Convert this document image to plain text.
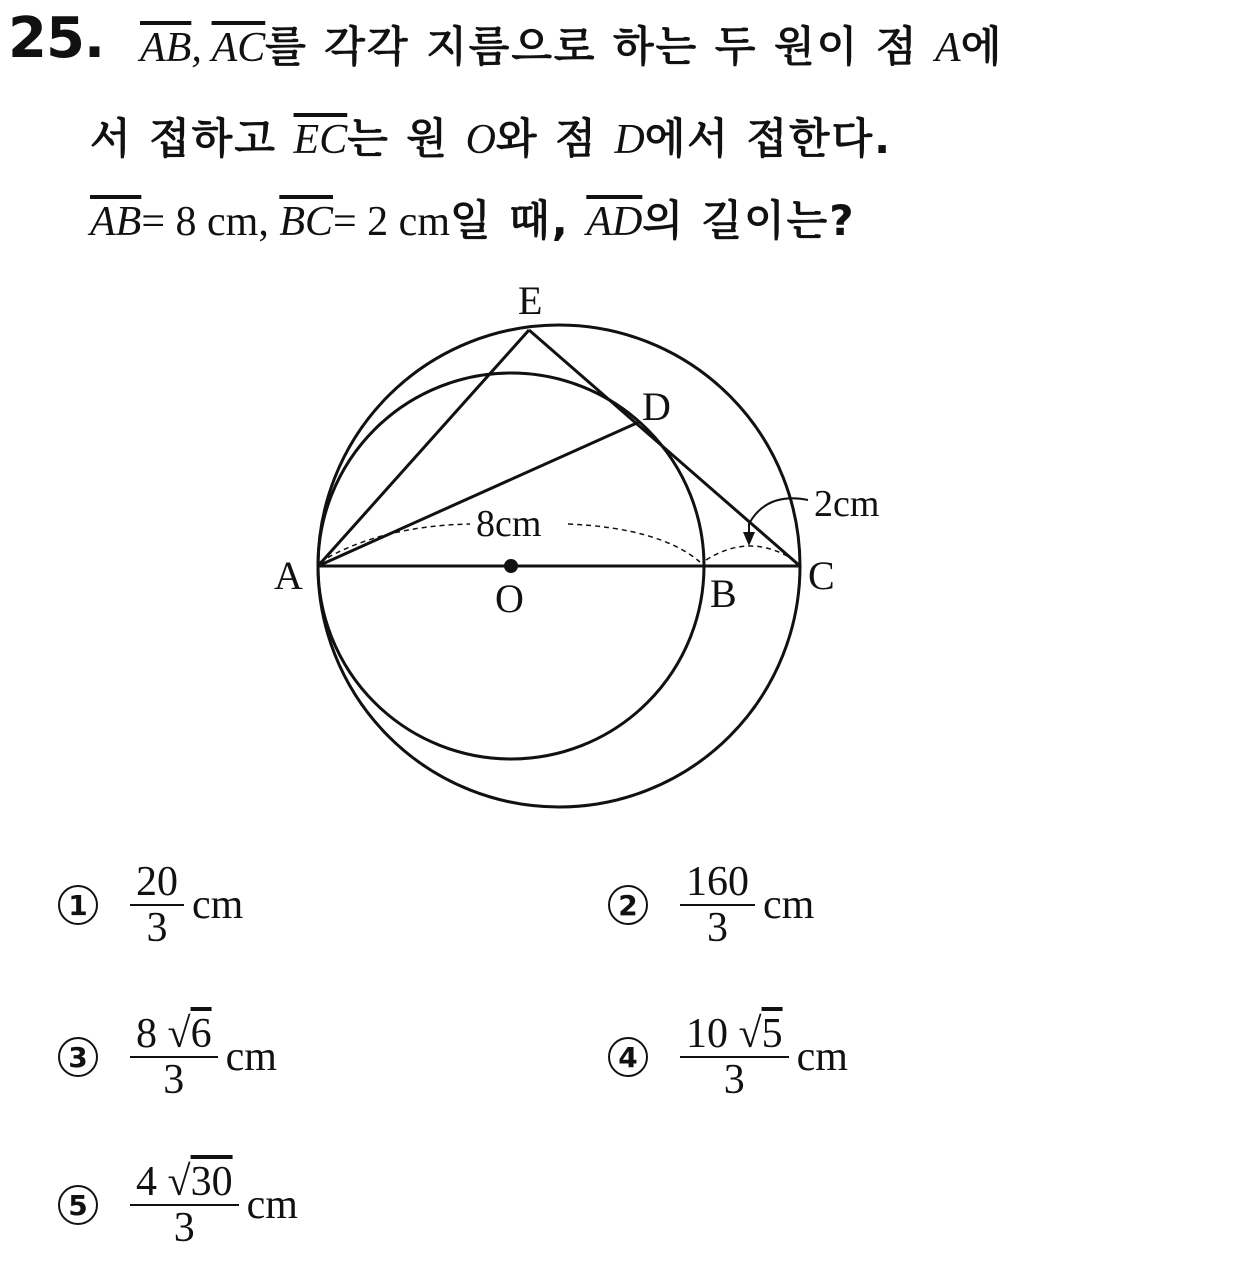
25. $\overline{AB}$, $\overline{AC}$를 각각 지름으로 하는 두 원이 점 A에
서 접하고 $\overline{EC}$는 원 O와 점 D에서 접한다.
$\overline{AB}= 8$ cm, $\overline{BC}= 2$ cm일 때, $\overline{AD}$의 길이는?
E
D
A
O	B C
8cm	2cm
$1 \frac{20}{3}$ cm	$2 \frac{160}{3}$ cm
$3 \frac{8 √6}{3}$ cm	$4 \frac{10 √5}{3}$ cm
$5 \frac{4 √30}{3}$ cm
